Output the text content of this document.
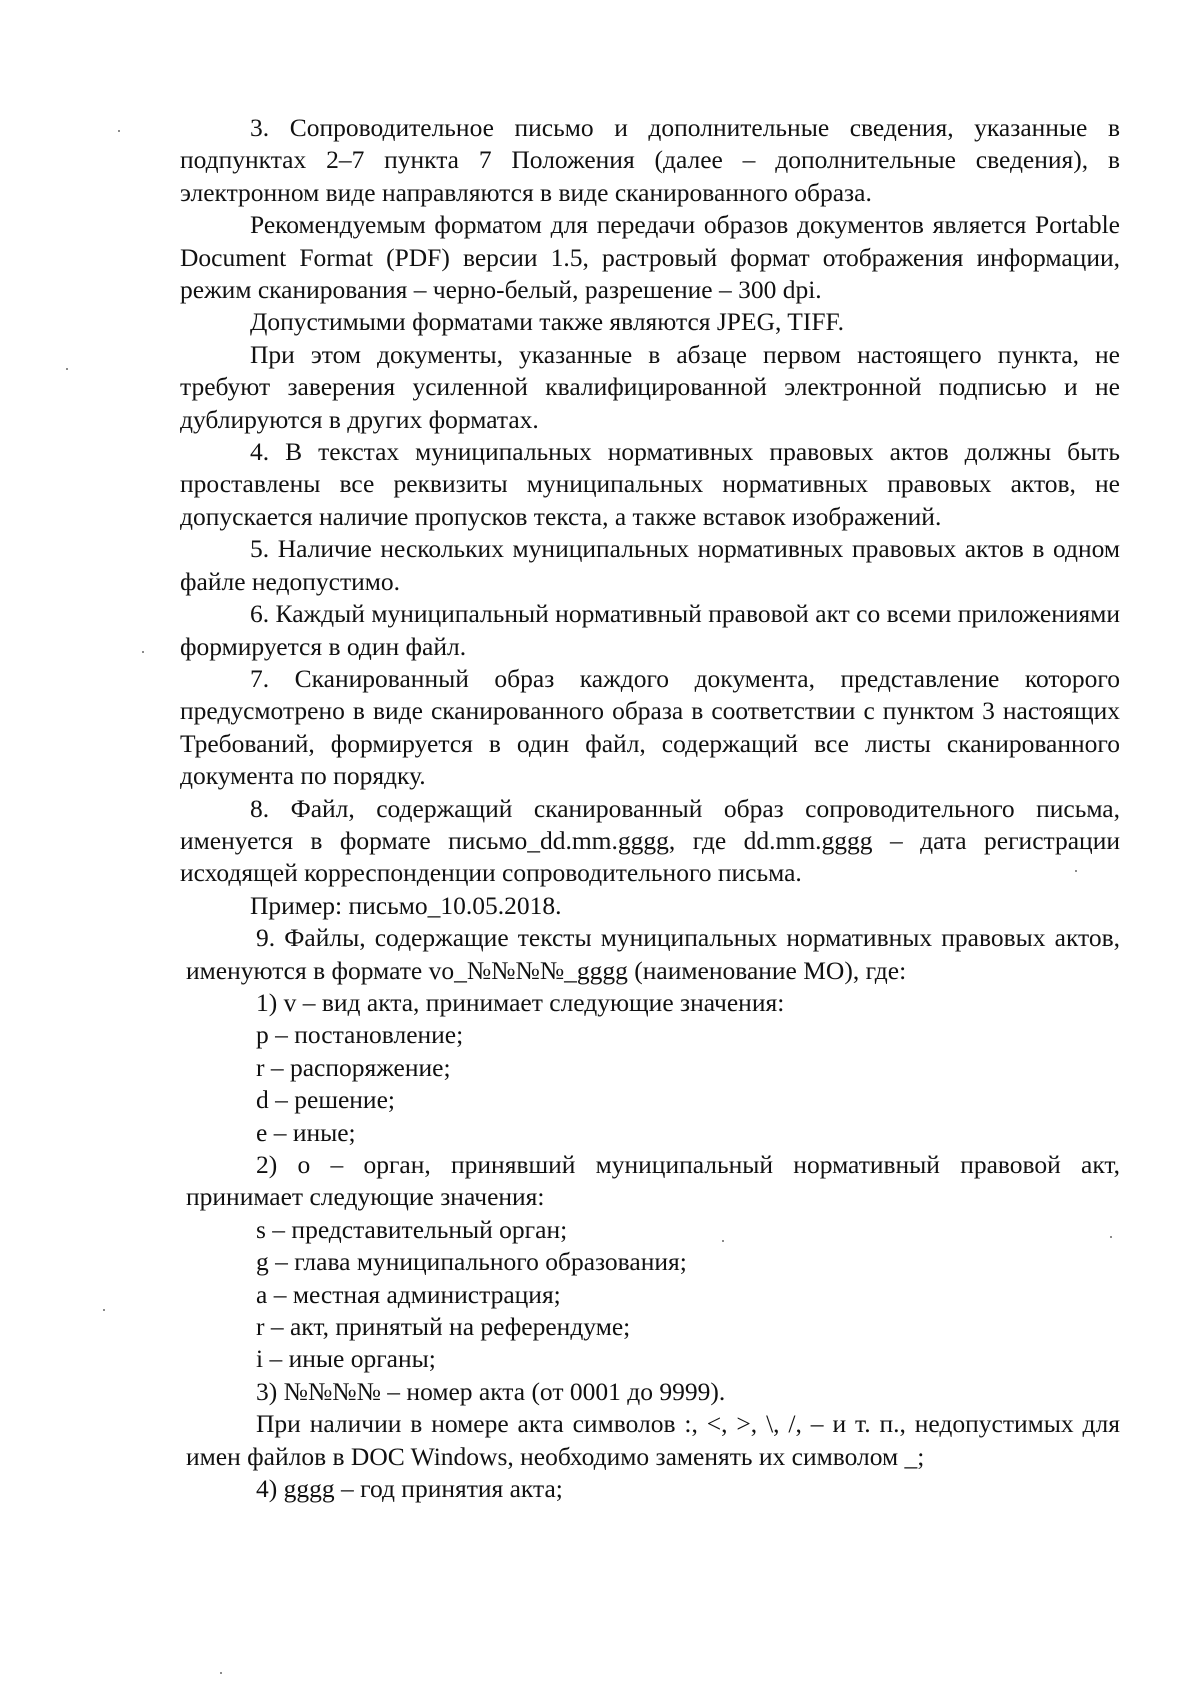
3. Сопроводительное письмо и дополнительные сведения, указанные в подпунктах 2–7 пункта 7 Положения (далее – дополнительные сведения), в электронном виде направляются в виде сканированного образа.

Рекомендуемым форматом для передачи образов документов является Portable Document Format (PDF) версии 1.5, растровый формат отображения информации, режим сканирования – черно-белый, разрешение – 300 dpi.

Допустимыми форматами также являются JPEG, TIFF.

При этом документы, указанные в абзаце первом настоящего пункта, не требуют заверения усиленной квалифицированной электронной подписью и не дублируются в других форматах.

4. В текстах муниципальных нормативных правовых актов должны быть проставлены все реквизиты муниципальных нормативных правовых актов, не допускается наличие пропусков текста, а также вставок изображений.

5. Наличие нескольких муниципальных нормативных правовых актов в одном файле недопустимо.

6. Каждый муниципальный нормативный правовой акт со всеми приложениями формируется в один файл.

7. Сканированный образ каждого документа, представление которого предусмотрено в виде сканированного образа в соответствии с пунктом 3 настоящих Требований, формируется в один файл, содержащий все листы сканированного документа по порядку.

8. Файл, содержащий сканированный образ сопроводительного письма, именуется в формате письмо_dd.mm.gggg, где dd.mm.gggg – дата регистрации исходящей корреспонденции сопроводительного письма.

Пример: письмо_10.05.2018.

9. Файлы, содержащие тексты муниципальных нормативных правовых актов, именуются в формате vo_№№№№_gggg (наименование МО), где:

1) v – вид акта, принимает следующие значения:

p – постановление;

r – распоряжение;

d – решение;

e – иные;

2) o – орган, принявший муниципальный нормативный правовой акт, принимает следующие значения:

s – представительный орган;

g – глава муниципального образования;

a – местная администрация;

r – акт, принятый на референдуме;

i – иные органы;

3) №№№№ – номер акта (от 0001 до 9999).

При наличии в номере акта символов :, <, >, \, /, – и т. п., недопустимых для имен файлов в DOC Windows, необходимо заменять их символом _;

4) gggg – год принятия акта;
